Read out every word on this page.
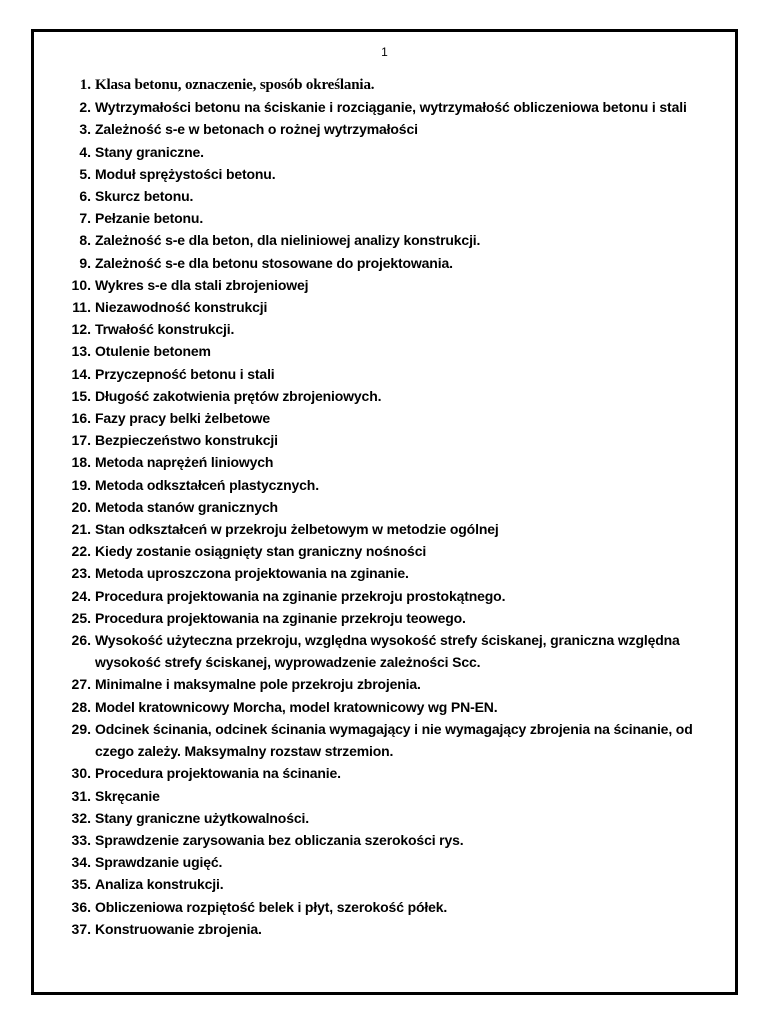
1
1. Klasa betonu, oznaczenie, sposób określania.
2. Wytrzymałości betonu na ściskanie i rozciąganie, wytrzymałość obliczeniowa betonu i stali
3. Zależność s-e w betonach o rożnej wytrzymałości
4. Stany graniczne.
5. Moduł sprężystości betonu.
6. Skurcz betonu.
7. Pełzanie betonu.
8. Zależność s-e dla beton, dla nieliniowej analizy konstrukcji.
9. Zależność s-e dla betonu stosowane do projektowania.
10. Wykres s-e dla stali zbrojeniowej
11. Niezawodność konstrukcji
12. Trwałość konstrukcji.
13. Otulenie betonem
14. Przyczepność betonu i stali
15. Długość zakotwienia prętów zbrojeniowych.
16. Fazy pracy belki żelbetowe
17. Bezpieczeństwo konstrukcji
18. Metoda naprężeń liniowych
19. Metoda odkształceń plastycznych.
20. Metoda stanów granicznych
21. Stan odkształceń w przekroju żelbetowym w metodzie ogólnej
22. Kiedy zostanie osiągnięty stan graniczny nośności
23. Metoda uproszczona projektowania na zginanie.
24. Procedura projektowania na zginanie przekroju prostokątnego.
25. Procedura projektowania na zginanie przekroju teowego.
26. Wysokość użyteczna przekroju, względna wysokość strefy ściskanej, graniczna względna wysokość strefy ściskanej, wyprowadzenie zależności Scc.
27. Minimalne i maksymalne pole przekroju zbrojenia.
28. Model kratownicowy Morcha, model kratownicowy wg PN-EN.
29. Odcinek ścinania, odcinek ścinania wymagający i nie wymagający zbrojenia na ścinanie, od czego zależy. Maksymalny rozstaw strzemion.
30. Procedura projektowania na ścinanie.
31. Skręcanie
32. Stany graniczne użytkowalności.
33. Sprawdzenie zarysowania bez obliczania szerokości rys.
34. Sprawdzanie ugięć.
35. Analiza konstrukcji.
36. Obliczeniowa rozpiętość belek i płyt, szerokość półek.
37. Konstruowanie zbrojenia.
